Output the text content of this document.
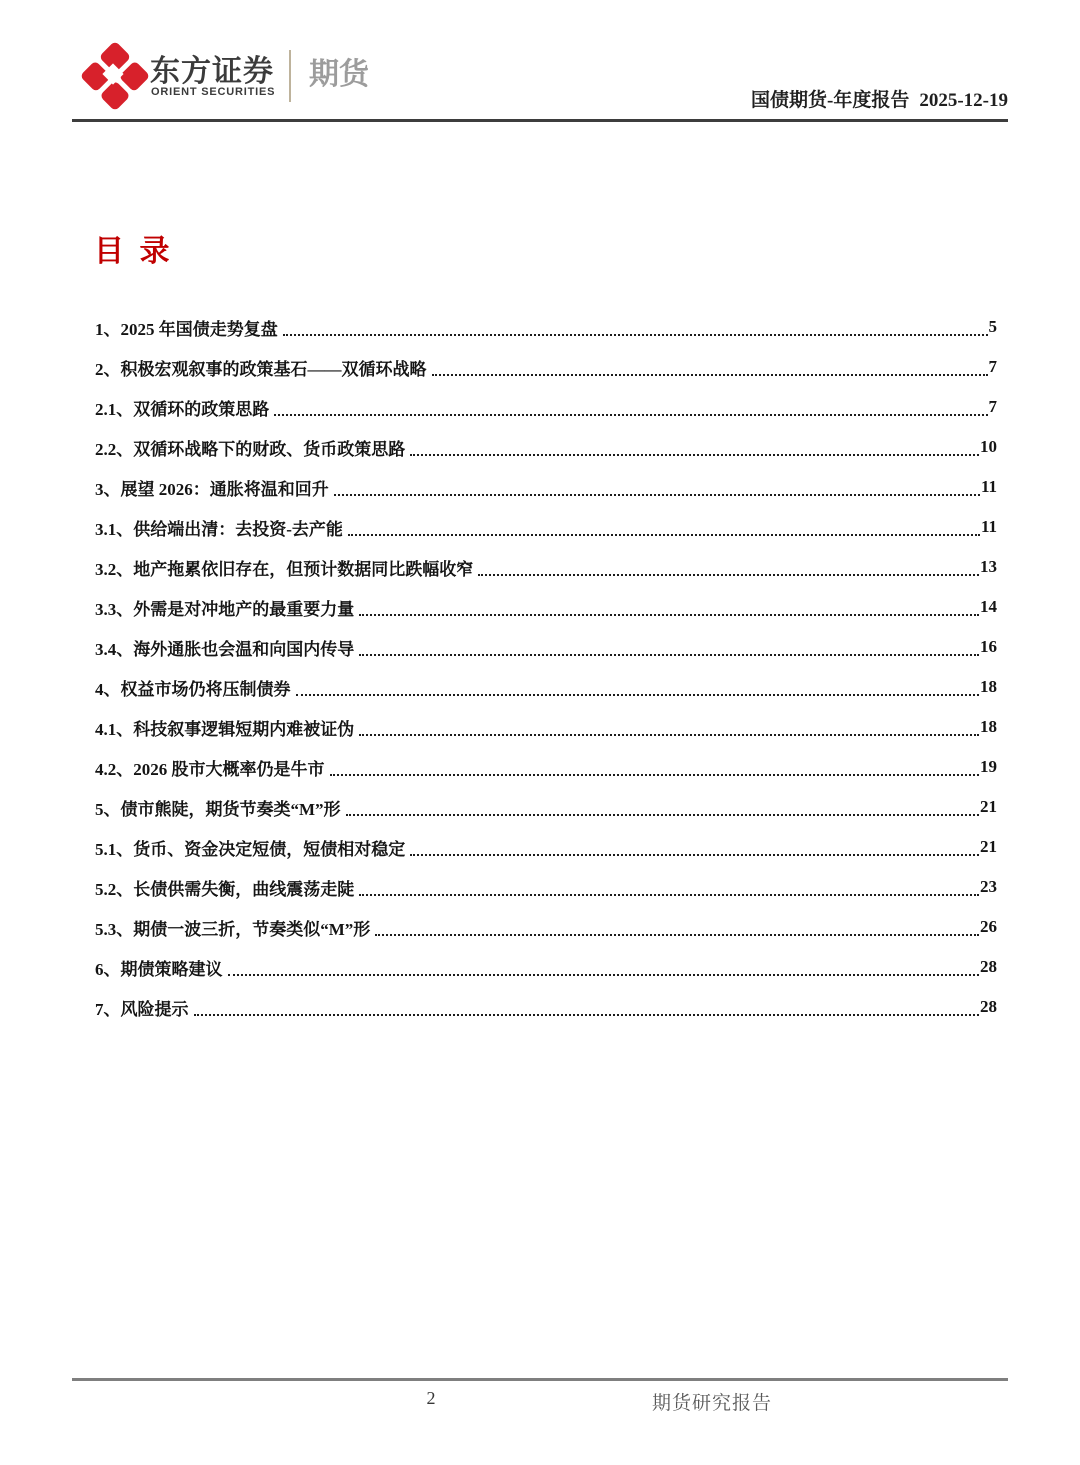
东方证券
ORIENT SECURITIES
期货
国债期货-年度报告 2025-12-19
目 录
1、2025 年国债走势复盘	5
2、积极宏观叙事的政策基石——双循环战略	7
2.1、双循环的政策思路	7
2.2、双循环战略下的财政、货币政策思路	10
3、展望 2026：通胀将温和回升	11
3.1、供给端出清：去投资-去产能	11
3.2、地产拖累依旧存在，但预计数据同比跌幅收窄	13
3.3、外需是对冲地产的最重要力量	14
3.4、海外通胀也会温和向国内传导	16
4、权益市场仍将压制债券	18
4.1、科技叙事逻辑短期内难被证伪	18
4.2、2026 股市大概率仍是牛市	19
5、债市熊陡，期货节奏类“M”形	21
5.1、货币、资金决定短债，短债相对稳定	21
5.2、长债供需失衡，曲线震荡走陡	23
5.3、期债一波三折，节奏类似“M”形	26
6、期债策略建议	28
7、风险提示	28
2	期货研究报告
